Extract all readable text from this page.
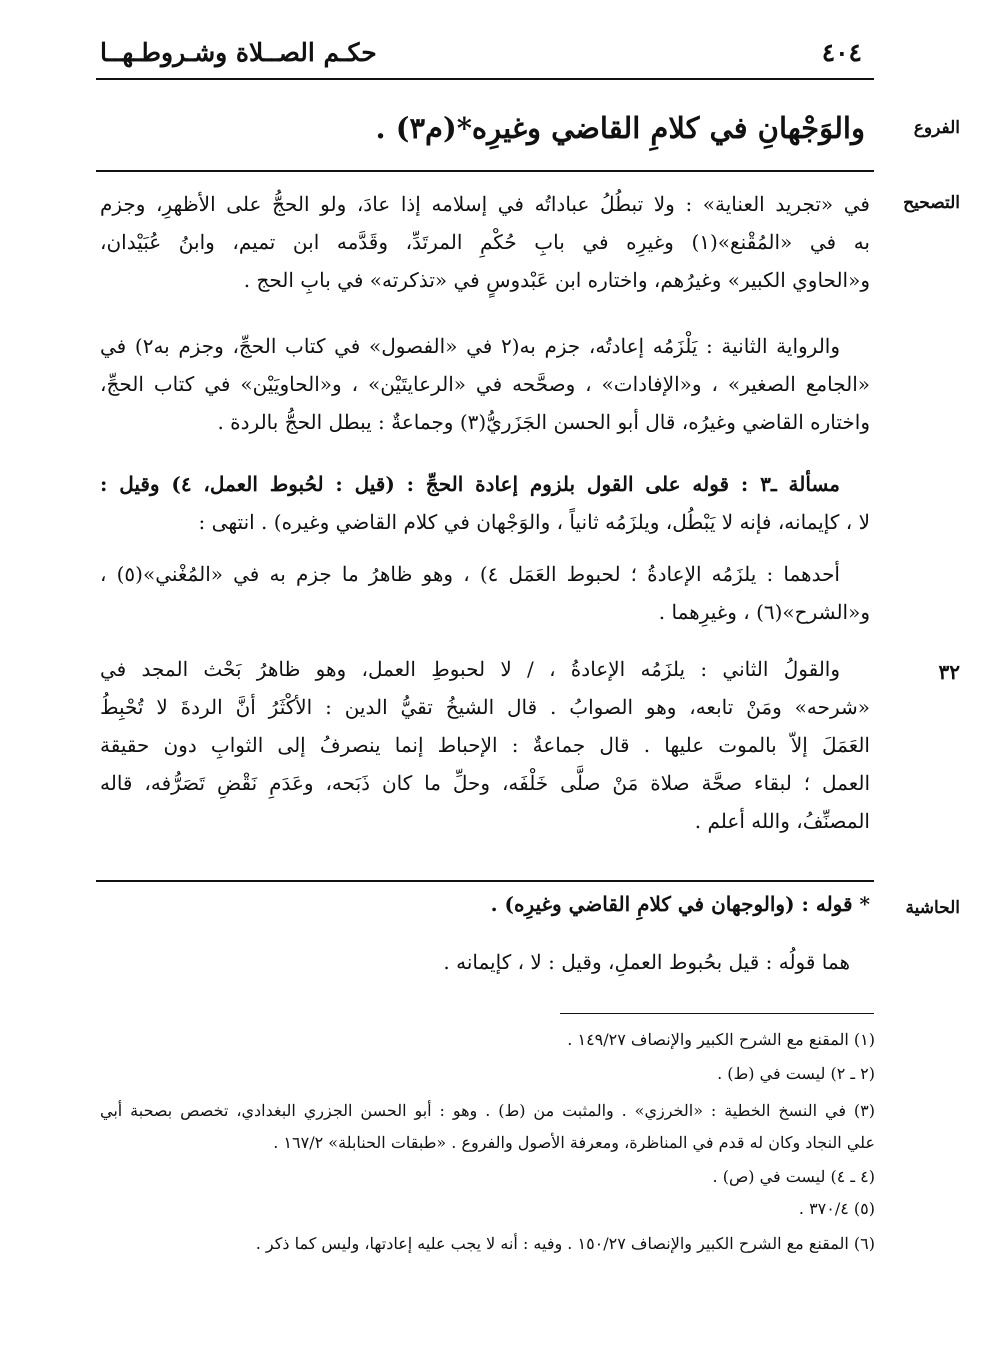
حكـم الصــلاة وشـروطـهــا	٤٠٤
الفروع
والوَجْهانِ في كلامِ القاضي وغيرِه*(م٣) .
التصحيح
في «تجريد العناية» : ولا تبطُلُ عباداتُه في إسلامه إذا عادَ، ولو الحجُّ على الأظهرِ، وجزم
به في «المُقْنع»(١) وغيرِه في بابِ حُكْمِ المرتَدِّ، وقَدَّمه ابن تميم، وابنُ عُبَيْدان،
و«الحاوي الكبير» وغيرُهم، واختاره ابن عَبْدوسٍ في «تذكرته» في بابِ الحج .
والرواية الثانية : يَلْزَمُه إعادتُه، جزم به(٢ في «الفصول» في كتاب الحجِّ، وجزم به٢) في
«الجامع الصغير» ، و«الإفادات» ، وصحَّحه في «الرعايتَيْن» ، و«الحاويَيْن» في كتاب الحجِّ،
واختاره القاضي وغيرُه، قال أبو الحسن الجَزَريُّ(٣) وجماعةٌ : يبطل الحجُّ بالردة .
مسألة ـ٣ : قوله على القول بلزوم إعادة الحجِّ : (قيل : لحُبوط العمل، ٤) وقيل :
لا ، كإيمانه، فإنه لا يَبْطُل، ويلزَمُه ثانياً ، والوَجْهان في كلام القاضي وغيره) . انتهى :
أحدهما : يلزَمُه الإعادةُ ؛ لحبوط العَمَل ٤) ، وهو ظاهرُ ما جزم به في «المُغْني»(٥) ،
و«الشرح»(٦) ، وغيرِهما .
٣٢
والقولُ الثاني : يلزَمُه الإعادةُ ، / لا لحبوطِ العمل، وهو ظاهرُ بَحْث المجد في
«شرحه» ومَنْ تابعه، وهو الصوابُ . قال الشيخُ تقيُّ الدين : الأكْثَرُ أنَّ الردةَ لا تُحْبِطُ
العَمَلَ إلاّ بالموت عليها . قال جماعةٌ : الإحباط إنما ينصرفُ إلى الثوابِ دون حقيقة
العمل ؛ لبقاء صحَّة صلاة مَنْ صلَّى خَلْفَه، وحلِّ ما كان ذَبَحه، وعَدَمِ نَقْضِ تَصَرُّفه، قاله
المصنِّفُ، والله أعلم .
الحاشية
* قوله : (والوجهان في كلامِ القاضي وغيرِه) .
هما قولُه : قيل بحُبوط العملِ، وقيل : لا ، كإيمانه .
(١) المقنع مع الشرح الكبير والإنصاف ١٤٩/٢٧ .
(٢ ـ ٢) ليست في (ط) .
(٣) في النسخ الخطية : «الخرزي» . والمثبت من (ط) . وهو : أبو الحسن الجزري البغدادي، تخصص بصحبة أبي
علي النجاد وكان له قدم في المناظرة، ومعرفة الأصول والفروع . «طبقات الحنابلة» ١٦٧/٢ .
(٤ ـ ٤) ليست في (ص) .
(٥) ٣٧٠/٤ .
(٦) المقنع مع الشرح الكبير والإنصاف ١٥٠/٢٧ . وفيه : أنه لا يجب عليه إعادتها، وليس كما ذكر .
